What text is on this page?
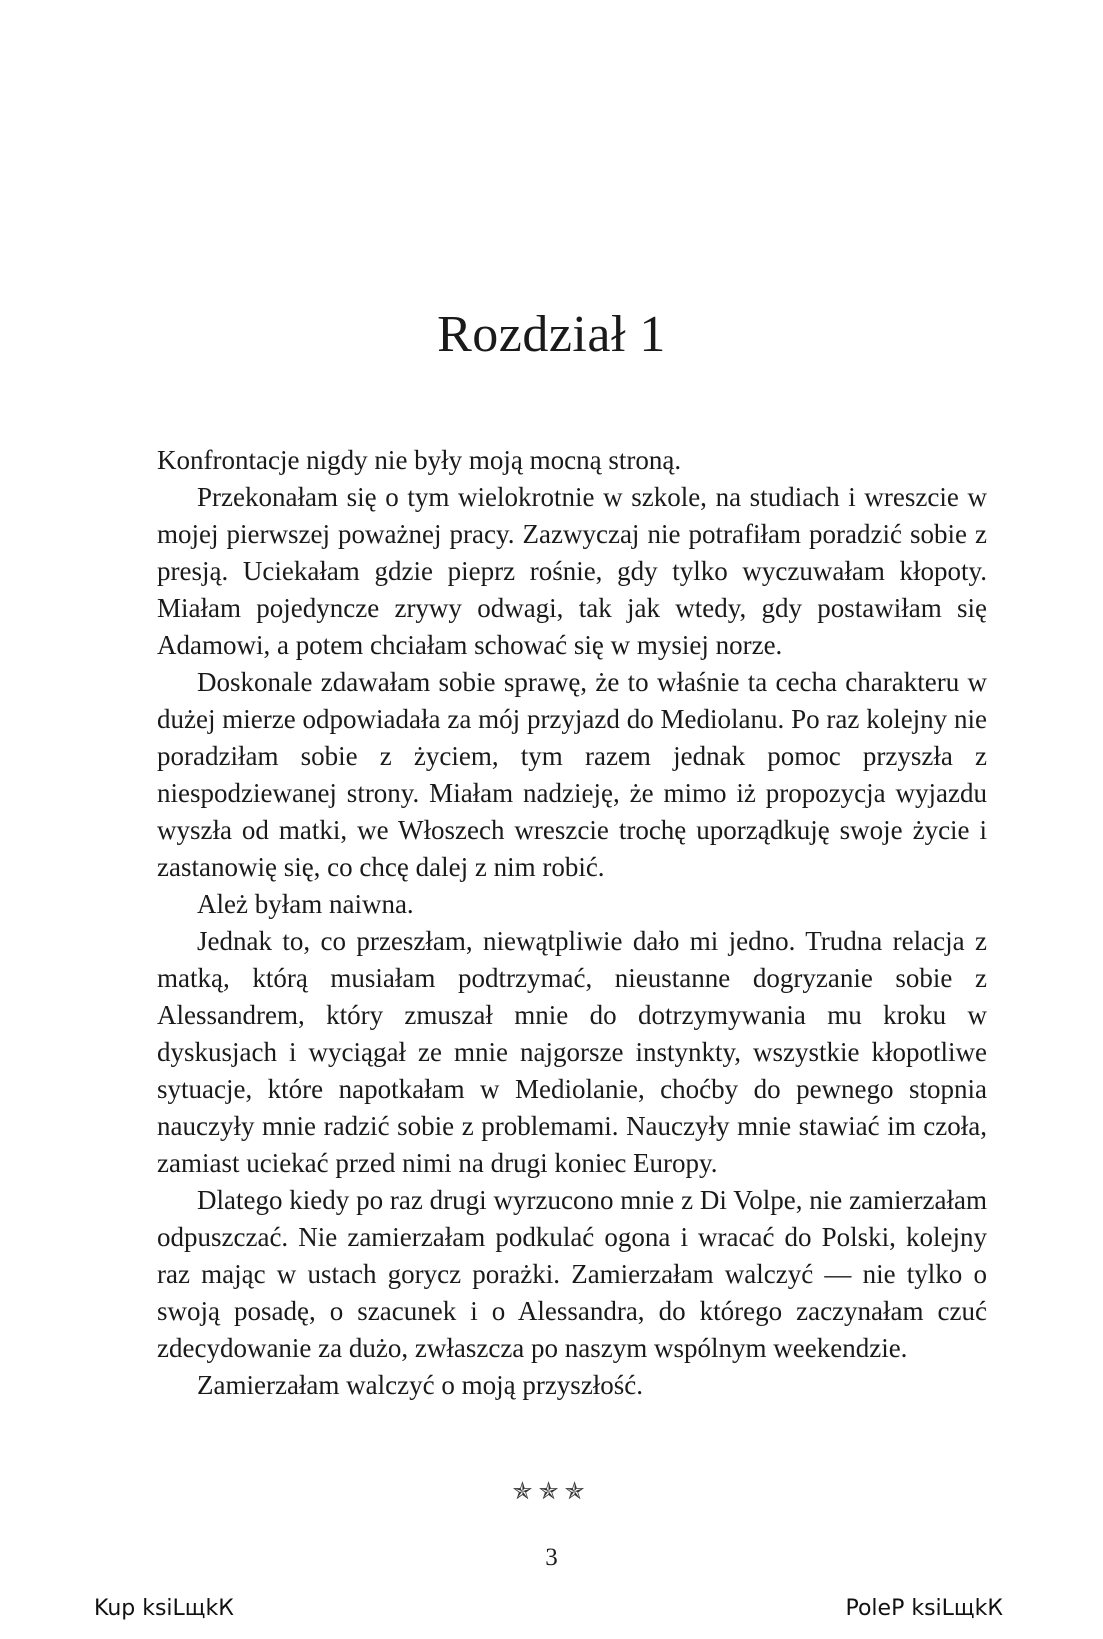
Rozdział 1

Konfrontacje nigdy nie były moją mocną stroną.

Przekonałam się o tym wielokrotnie w szkole, na studiach i wreszcie w mojej pierwszej poważnej pracy. Zazwyczaj nie potrafiłam poradzić sobie z presją. Uciekałam gdzie pieprz rośnie, gdy tylko wyczuwałam kłopoty. Miałam pojedyncze zrywy odwagi, tak jak wtedy, gdy postawiłam się Adamowi, a potem chciałam schować się w mysiej norze.

Doskonale zdawałam sobie sprawę, że to właśnie ta cecha charakteru w dużej mierze odpowiadała za mój przyjazd do Mediolanu. Po raz kolejny nie poradziłam sobie z życiem, tym razem jednak pomoc przyszła z niespodziewanej strony. Miałam nadzieję, że mimo iż propozycja wyjazdu wyszła od matki, we Włoszech wreszcie trochę uporządkuję swoje życie i zastanowię się, co chcę dalej z nim robić.

Ależ byłam naiwna.

Jednak to, co przeszłam, niewątpliwie dało mi jedno. Trudna relacja z matką, którą musiałam podtrzymać, nieustanne dogryzanie sobie z Alessandrem, który zmuszał mnie do dotrzymywania mu kroku w dyskusjach i wyciągał ze mnie najgorsze instynkty, wszystkie kłopotliwe sytuacje, które napotkałam w Mediolanie, choćby do pewnego stopnia nauczyły mnie radzić sobie z problemami. Nauczyły mnie stawiać im czoła, zamiast uciekać przed nimi na drugi koniec Europy.

Dlatego kiedy po raz drugi wyrzucono mnie z Di Volpe, nie zamierzałam odpuszczać. Nie zamierzałam podkulać ogona i wracać do Polski, kolejny raz mając w ustach gorycz porażki. Zamierzałam walczyć — nie tylko o swoją posadę, o szacunek i o Alessandra, do którego zaczynałam czuć zdecydowanie za dużo, zwłaszcza po naszym wspólnym weekendzie.

Zamierzałam walczyć o moją przyszłość.

✯✯✯
3
Kup ksiLщkК	PoleP ksiLщkК
